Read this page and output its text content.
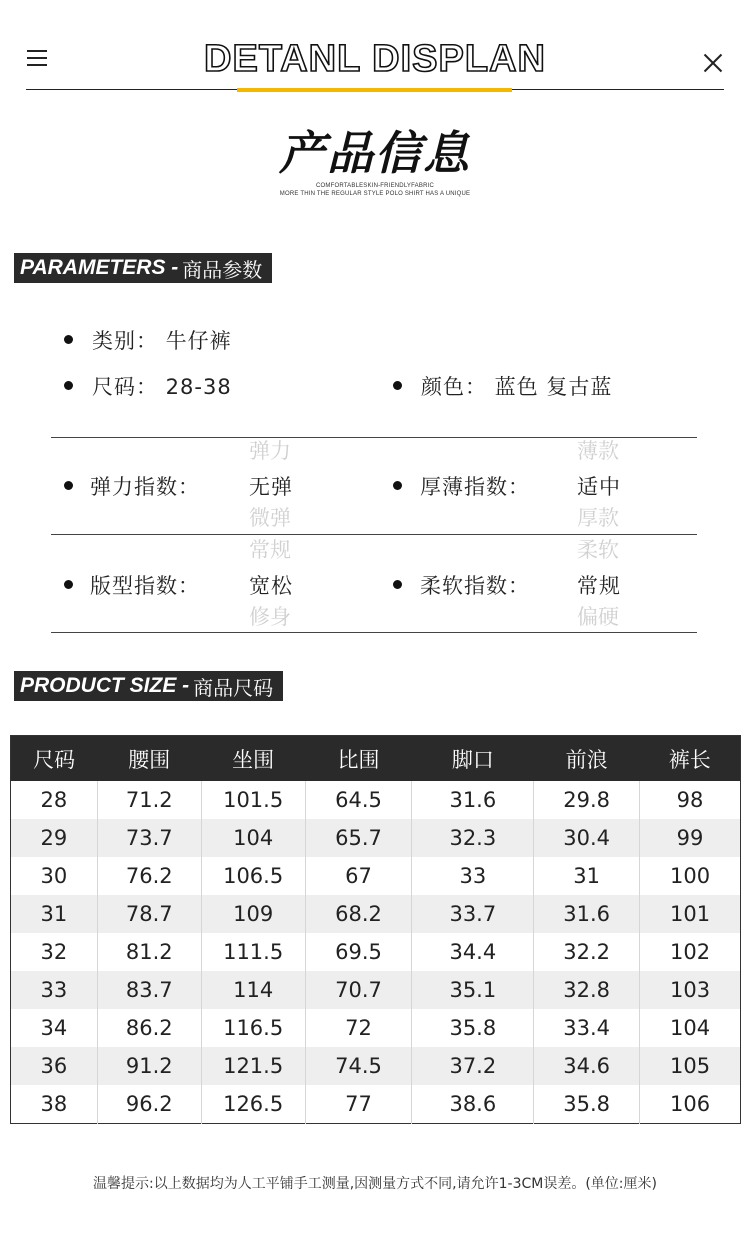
DETANL DISPLAN
产品信息
COMFORTABLESKIN-FRIENDLYFABRIC
MORE THIN THE REGULAR STYLE POLO SHIRT HAS A UNIQUE
PARAMETERS - 商品参数
类别： 牛仔裤
尺码： 28-38	颜色： 蓝色 复古蓝
弹力指数：
弹力
无弹
微弹
厚薄指数：
薄款
适中
厚款
版型指数：
常规
宽松
修身
柔软指数：
柔软
常规
偏硬
PRODUCT SIZE - 商品尺码
尺码	腰围	坐围	比围	脚口	前浪	裤长
28	71.2	101.5	64.5	31.6	29.8	98
29	73.7	104	65.7	32.3	30.4	99
30	76.2	106.5	67	33	31	100
31	78.7	109	68.2	33.7	31.6	101
32	81.2	111.5	69.5	34.4	32.2	102
33	83.7	114	70.7	35.1	32.8	103
34	86.2	116.5	72	35.8	33.4	104
36	91.2	121.5	74.5	37.2	34.6	105
38	96.2	126.5	77	38.6	35.8	106
温馨提示:以上数据均为人工平铺手工测量,因测量方式不同,请允许1-3CM误差。(单位:厘米)
